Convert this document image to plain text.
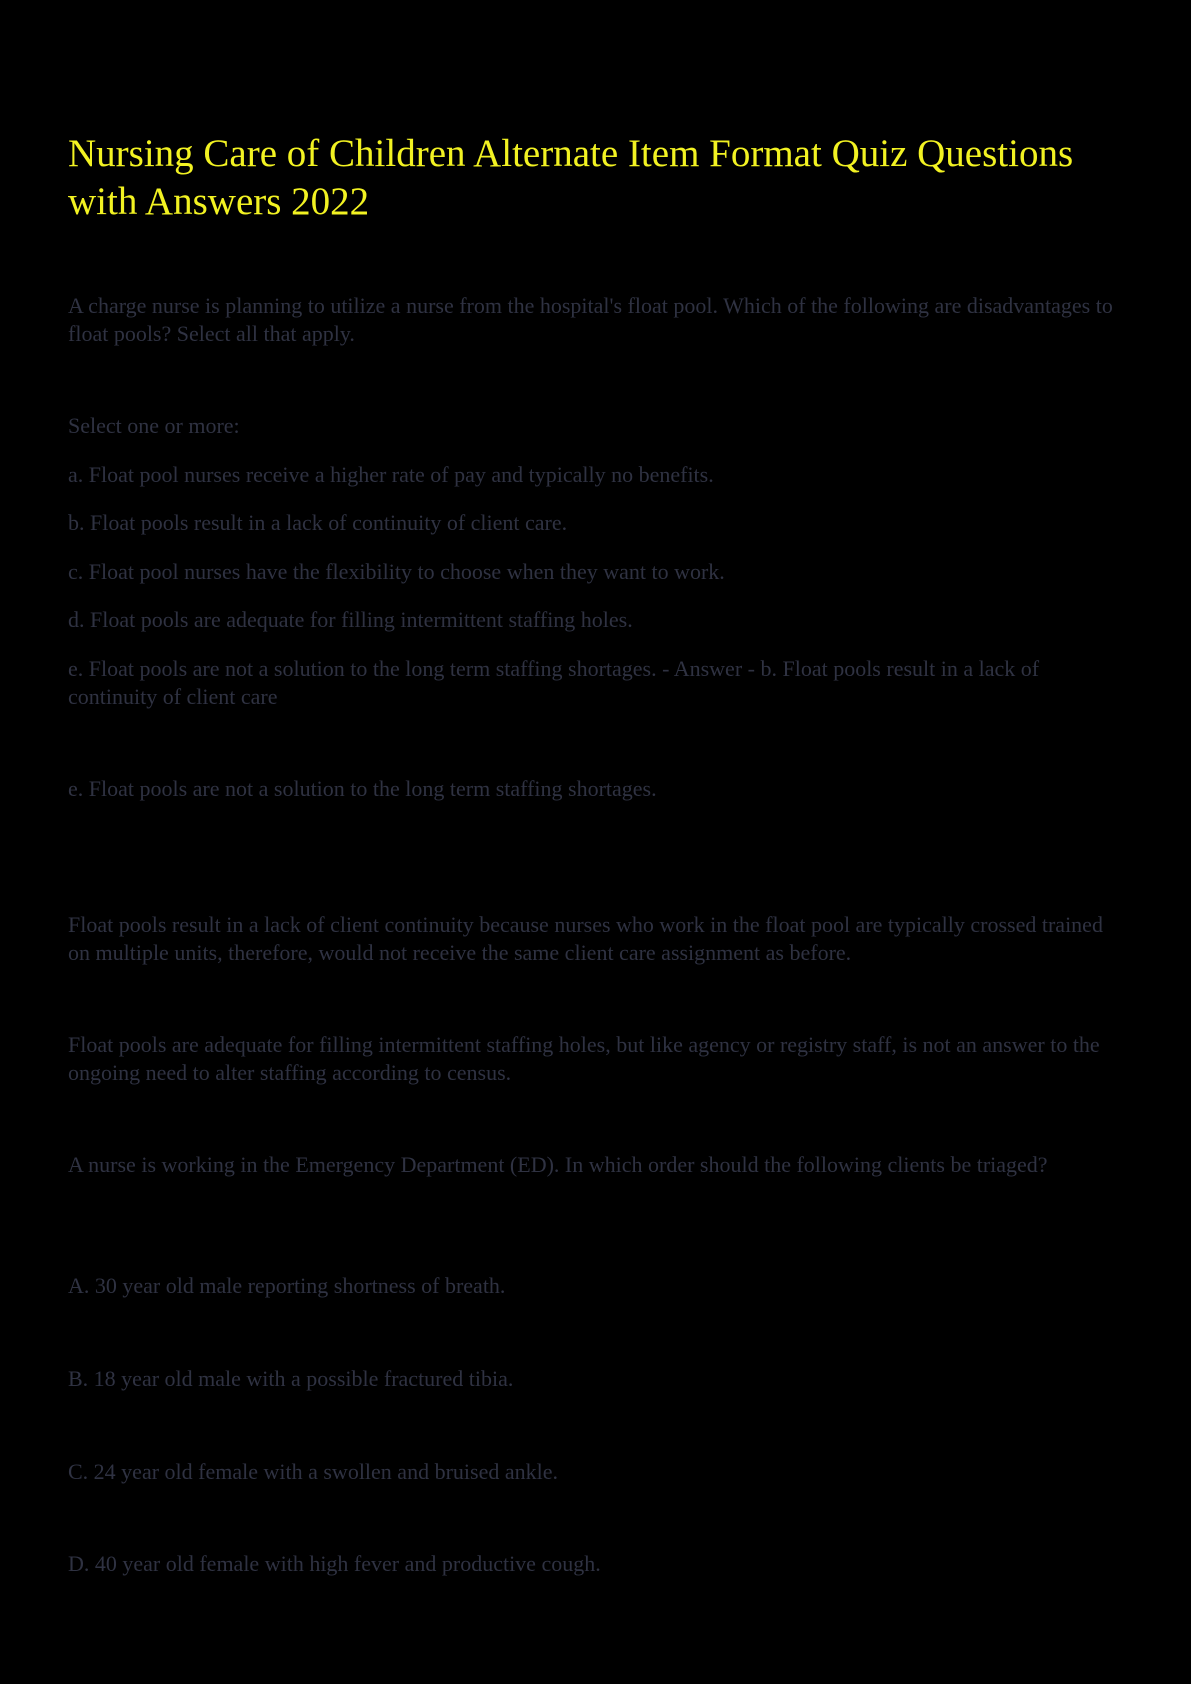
Nursing Care of Children Alternate Item Format Quiz Questions with Answers 2022

A charge nurse is planning to utilize a nurse from the hospital's float pool. Which of the following are disadvantages to float pools? Select all that apply.

Select one or more:

a. Float pool nurses receive a higher rate of pay and typically no benefits.

b. Float pools result in a lack of continuity of client care.

c. Float pool nurses have the flexibility to choose when they want to work.

d. Float pools are adequate for filling intermittent staffing holes.

e. Float pools are not a solution to the long term staffing shortages. - Answer - b. Float pools result in a lack of continuity of client care

e. Float pools are not a solution to the long term staffing shortages.

Float pools result in a lack of client continuity because nurses who work in the float pool are typically crossed trained on multiple units, therefore, would not receive the same client care assignment as before.

Float pools are adequate for filling intermittent staffing holes, but like agency or registry staff, is not an answer to the ongoing need to alter staffing according to census.

A nurse is working in the Emergency Department (ED). In which order should the following clients be triaged?

A. 30 year old male reporting shortness of breath.

B. 18 year old male with a possible fractured tibia.

C. 24 year old female with a swollen and bruised ankle.

D. 40 year old female with high fever and productive cough.
